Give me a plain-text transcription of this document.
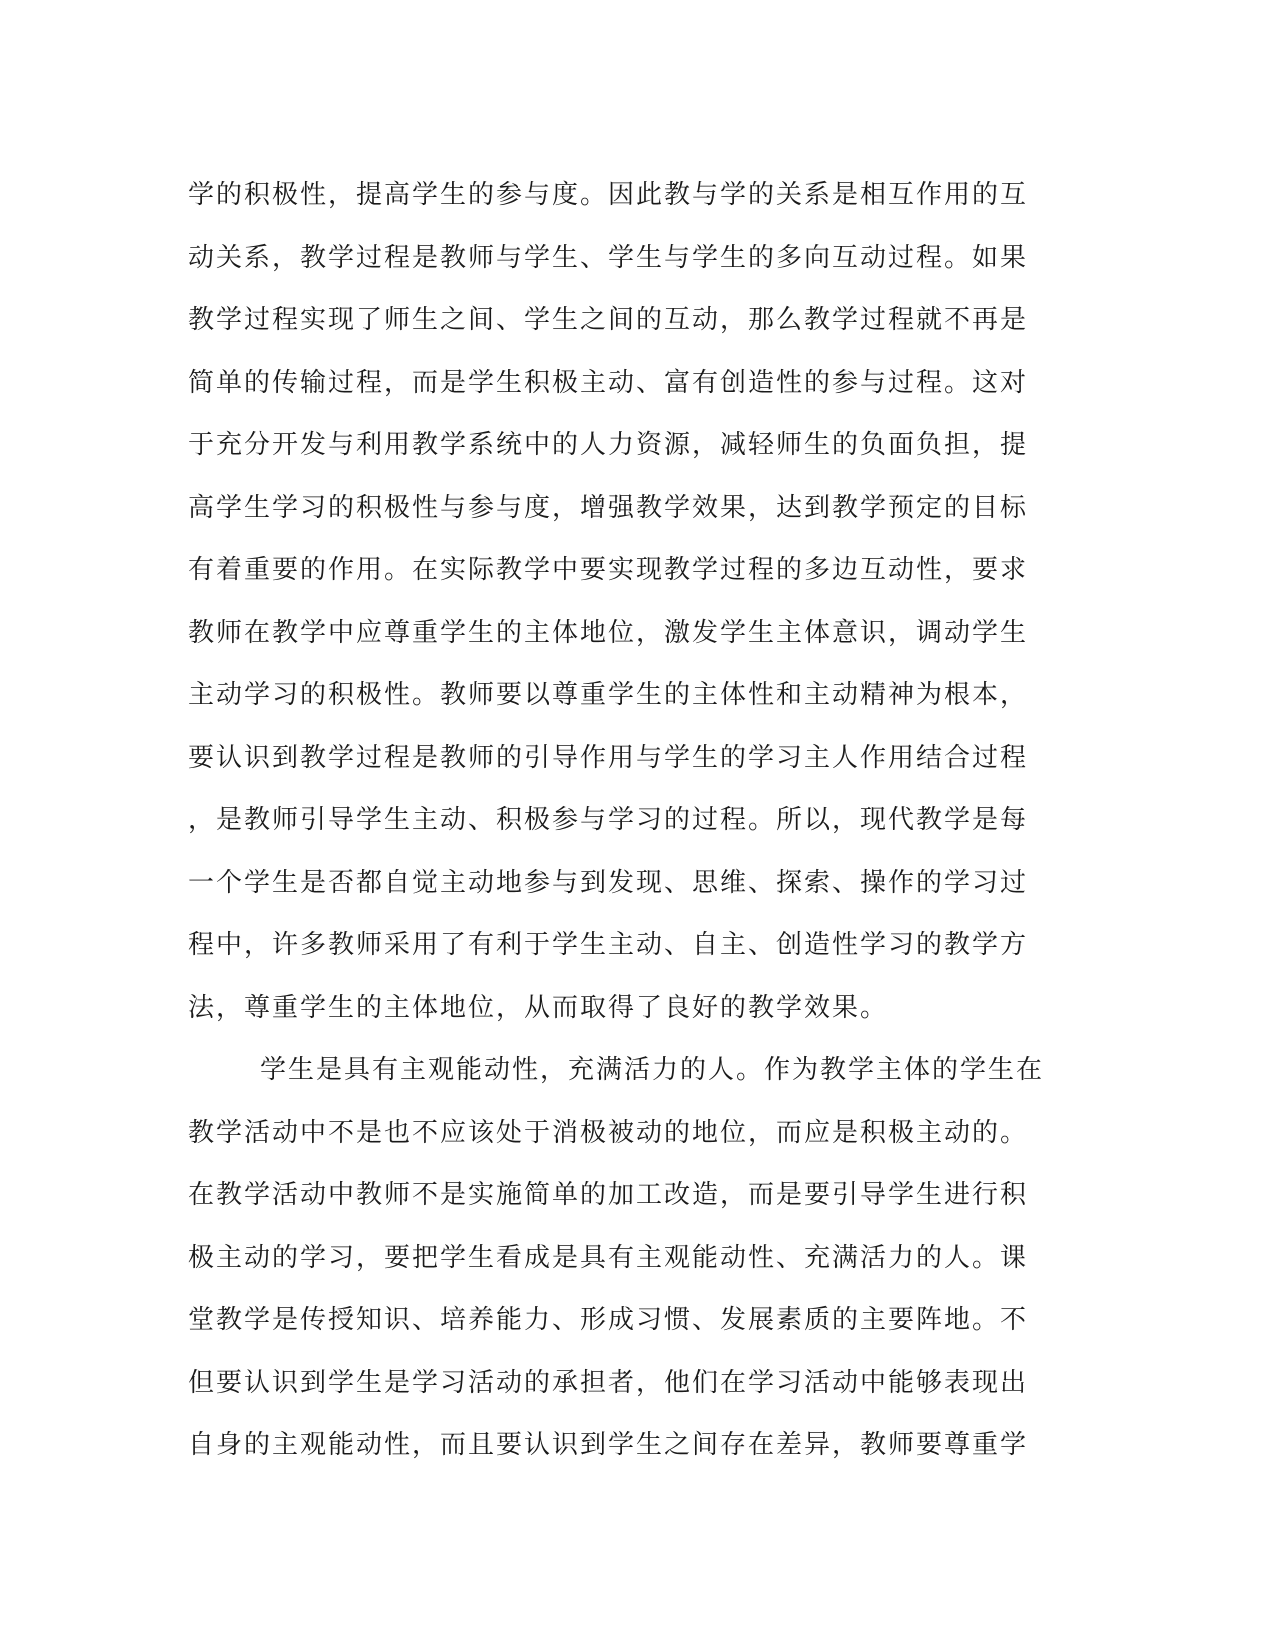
学的积极性，提高学生的参与度。因此教与学的关系是相互作用的互
动关系，教学过程是教师与学生、学生与学生的多向互动过程。如果
教学过程实现了师生之间、学生之间的互动，那么教学过程就不再是
简单的传输过程，而是学生积极主动、富有创造性的参与过程。这对
于充分开发与利用教学系统中的人力资源，减轻师生的负面负担，提
高学生学习的积极性与参与度，增强教学效果，达到教学预定的目标
有着重要的作用。在实际教学中要实现教学过程的多边互动性，要求
教师在教学中应尊重学生的主体地位，激发学生主体意识，调动学生
主动学习的积极性。教师要以尊重学生的主体性和主动精神为根本，
要认识到教学过程是教师的引导作用与学生的学习主人作用结合过程
，是教师引导学生主动、积极参与学习的过程。所以，现代教学是每
一个学生是否都自觉主动地参与到发现、思维、探索、操作的学习过
程中，许多教师采用了有利于学生主动、自主、创造性学习的教学方
法，尊重学生的主体地位，从而取得了良好的教学效果。
学生是具有主观能动性，充满活力的人。作为教学主体的学生在
教学活动中不是也不应该处于消极被动的地位，而应是积极主动的。
在教学活动中教师不是实施简单的加工改造，而是要引导学生进行积
极主动的学习，要把学生看成是具有主观能动性、充满活力的人。课
堂教学是传授知识、培养能力、形成习惯、发展素质的主要阵地。不
但要认识到学生是学习活动的承担者，他们在学习活动中能够表现出
自身的主观能动性，而且要认识到学生之间存在差异，教师要尊重学
